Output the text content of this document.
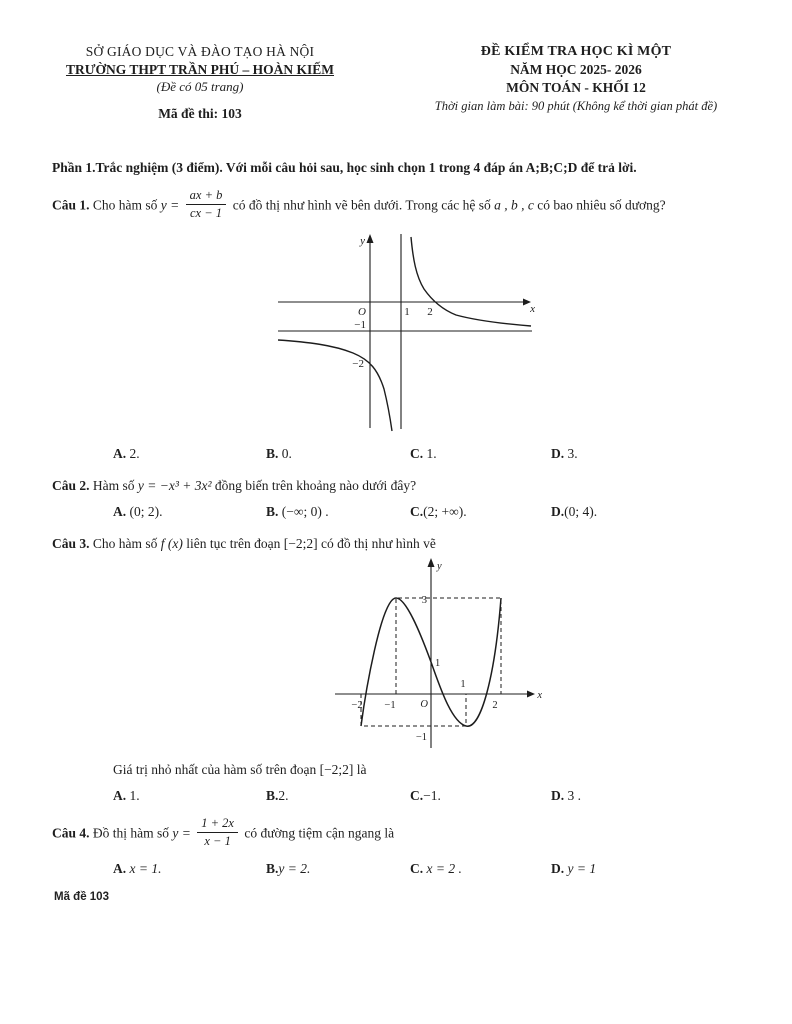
SỞ GIÁO DỤC VÀ ĐÀO TẠO HÀ NỘI
TRƯỜNG THPT TRẦN PHÚ – HOÀN KIẾM
(Đề có 05 trang)
Mã đề thi: 103
ĐỀ KIỂM TRA HỌC KÌ MỘT
NĂM HỌC 2025- 2026
MÔN TOÁN - KHỐI 12
Thời gian làm bài: 90 phút (Không kể thời gian phát đề)

Phần 1.Trắc nghiệm (3 điểm). Với mỗi câu hỏi sau, học sinh chọn 1 trong 4 đáp án A;B;C;D để trả lời.

Câu 1. Cho hàm số $y = \frac{ax + b}{cx - 1}$ có đồ thị như hình vẽ bên dưới. Trong các hệ số a , b , c có bao nhiêu số dương?

y
x
O	1 2
−1
−2
A. 2.	B. 0.	C. 1.	D. 3.

Câu 2. Hàm số y = −x³ + 3x² đồng biến trên khoảng nào dưới đây?

A. (0; 2).	B. (−∞; 0) .	C.(2; +∞).	D.(0; 4).

Câu 3. Cho hàm số f (x) liên tục trên đoạn [−2;2] có đồ thị như hình vẽ

y
x
O
3
1
−1
−2 −1
1
2

Giá trị nhỏ nhất của hàm số trên đoạn [−2;2] là

A. 1.	B.2.	C.−1.	D. 3 .

Câu 4. Đồ thị hàm số $y = \frac{1 + 2x}{x - 1}$ có đường tiệm cận ngang là

A. x = 1.	B.y = 2.	C. x = 2 .	D. y = 1
Mã đề 103
